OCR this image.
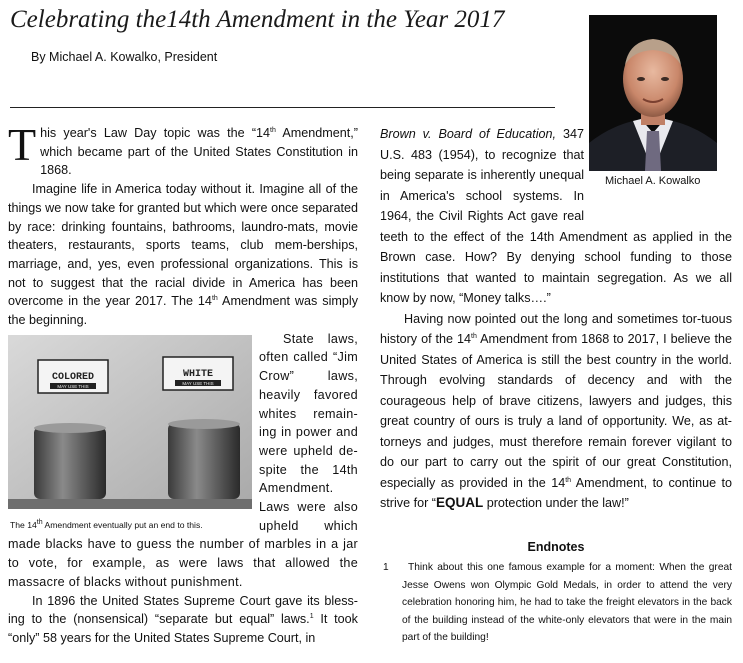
Celebrating the14th Amendment in the Year 2017
By Michael A. Kowalko, President
Michael A. Kowalko

This year's Law Day topic was the “14th Amendment,” which became part of the United States Constitution in 1868.

Imagine life in America today without it. Imagine all of the things we now take for granted but which were once separated by race: drinking fountains, bathrooms, laundro-mats, movie theaters, restaurants, sports teams, club mem-berships, marriage, and, yes, even professional organizations. This is not to suggest that the racial divide in America has been overcome in the year 2017. The 14th Amendment was simply the beginning.

COLORED
MAY USE THIS
WHITE
MAY USE THIS
The 14th Amendment eventually put an end to this.

State laws, often called “Jim Crow” laws, heavily favored whites remain-ing in power and were upheld de-spite the 14th Amendment. Laws were also upheld which made blacks have to guess the number of marbles in a jar to vote, for example, as were laws that allowed the massacre of blacks without punishment.

In 1896 the United States Supreme Court gave its bless-ing to the (nonsensical) “separate but equal” laws.$^1$ It took “only” 58 years for the United States Supreme Court, in

Brown v. Board of Education, 347 U.S. 483 (1954), to recognize that being separate is inherently unequal in America's school systems. In 1964, the Civil Rights Act gave real teeth to the effect of the 14th Amendment as applied in the Brown case. How? By denying school funding to those institutions that wanted to maintain segregation. As we all know by now, “Money talks….”

Having now pointed out the long and sometimes tor-tuous history of the 14th Amendment from 1868 to 2017, I believe the United States of America is still the best country in the world. Through evolving standards of decency and with the courageous help of brave citizens, lawyers and judges, this great country of ours is truly a land of opportunity. We, as at-torneys and judges, must therefore remain forever vigilant to do our part to carry out the spirit of our great Constitution, especially as provided in the 14th Amendment, to continue to strive for “EQUAL protection under the law!”

Endnotes
1	Think about this one famous example for a moment: When the great Jesse Owens won Olympic Gold Medals, in order to attend the very celebration honoring him, he had to take the freight elevators in the back of the building instead of the white-only elevators that were in the main part of the building!
